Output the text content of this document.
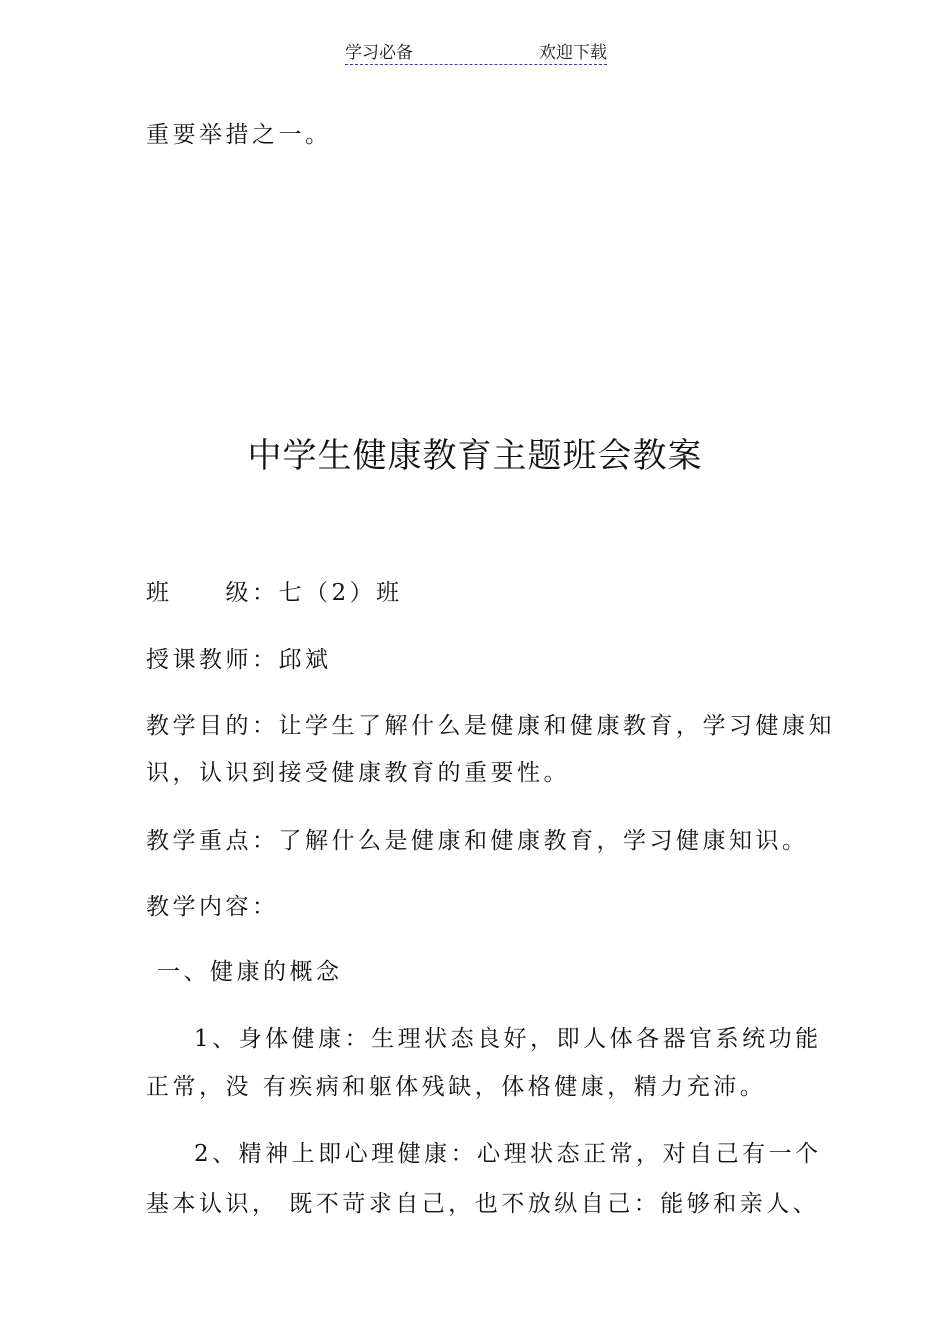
学习必备	欢迎下载
重要举措之一。
中学生健康教育主题班会教案
班　　级：七（2）班
授课教师：邱斌
教学目的：让学生了解什么是健康和健康教育，学习健康知
识，认识到接受健康教育的重要性。
教学重点：了解什么是健康和健康教育，学习健康知识。
教学内容：
一、健康的概念
1、身体健康：生理状态良好，即人体各器官系统功能
正常，没 有疾病和躯体残缺，体格健康，精力充沛。
2、精神上即心理健康：心理状态正常，对自己有一个
基本认识， 既不苛求自己，也不放纵自己：能够和亲人、
